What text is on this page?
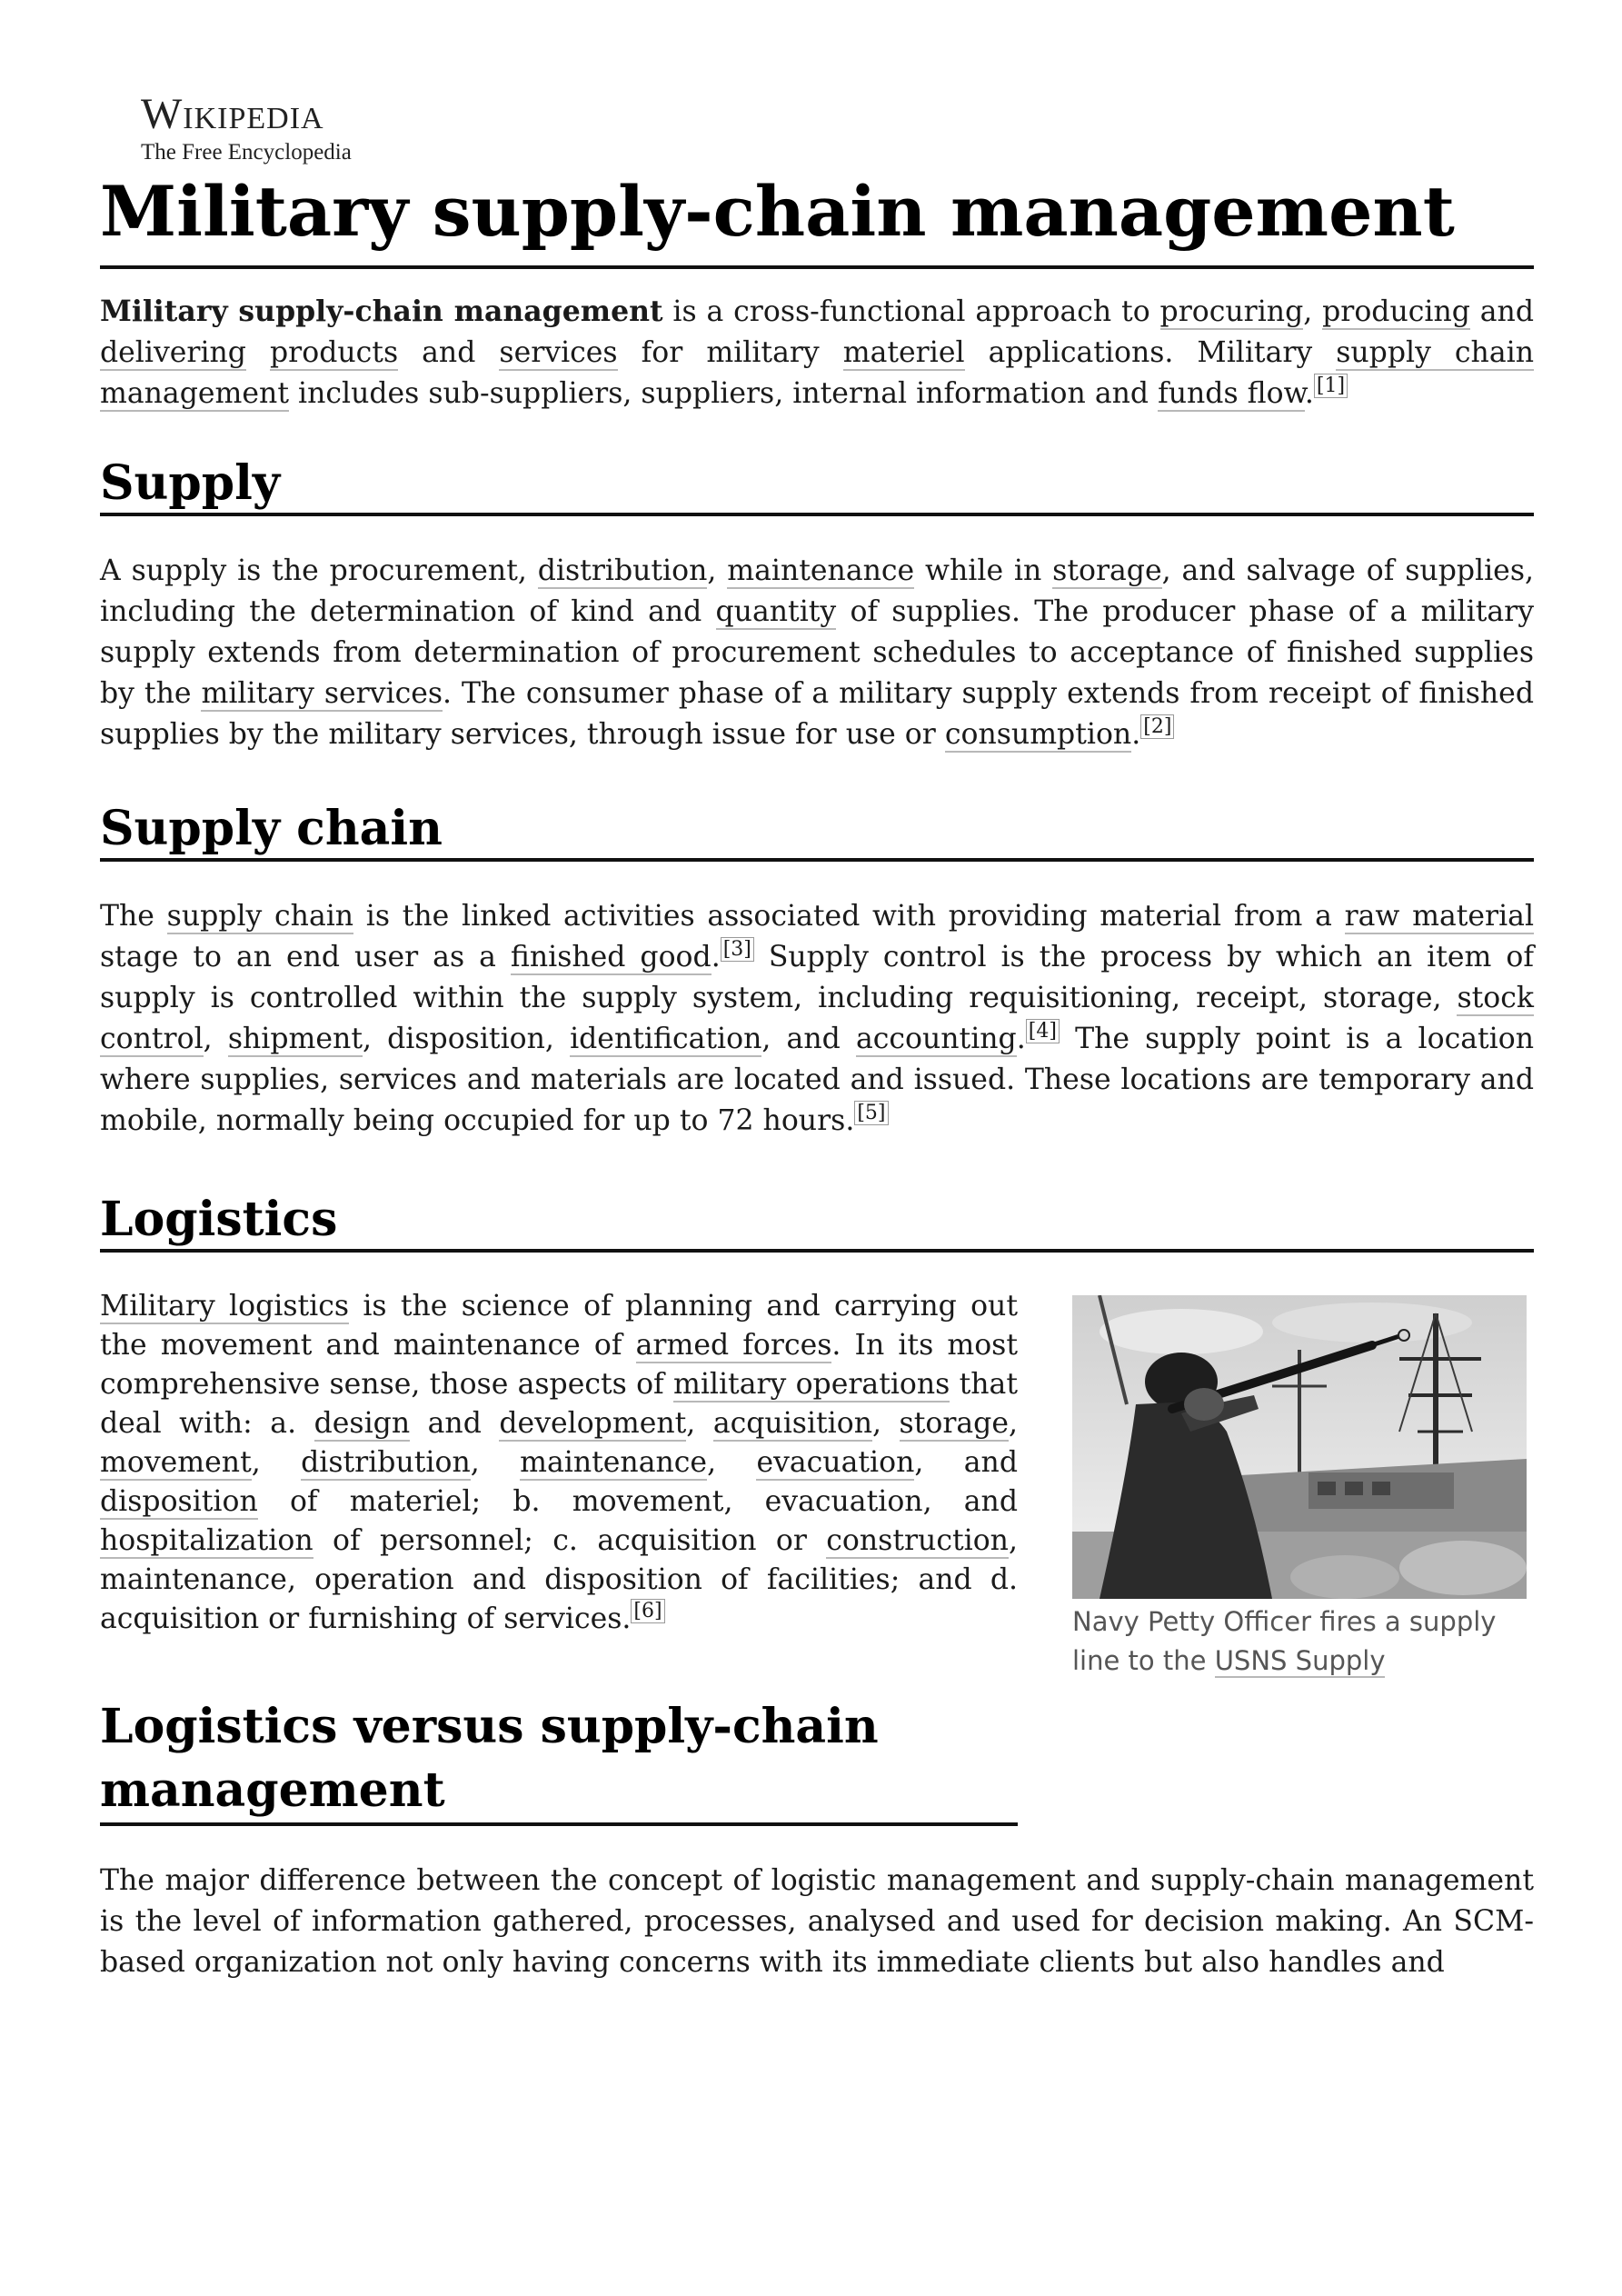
Wikipedia
The Free Encyclopedia
Military supply-chain management

Military supply-chain management is a cross-functional approach to procuring, producing and delivering products and services for military materiel applications. Military supply chain management includes sub-suppliers, suppliers, internal information and funds flow. [1]

Supply

A supply is the procurement, distribution, maintenance while in storage, and salvage of supplies, including the determination of kind and quantity of supplies. The producer phase of a military supply extends from determination of procurement schedules to acceptance of finished supplies by the military services. The consumer phase of a military supply extends from receipt of finished supplies by the military services, through issue for use or consumption. [2]

Supply chain

The supply chain is the linked activities associated with providing material from a raw material stage to an end user as a finished good. [3] Supply control is the process by which an item of supply is controlled within the supply system, including requisitioning, receipt, storage, stock control, shipment, disposition, identification, and accounting. [4] The supply point is a location where supplies, services and materials are located and issued. These locations are temporary and mobile, normally being occupied for up to 72 hours. [5]

Logistics

Military logistics is the science of planning and carrying out the movement and maintenance of armed forces. In its most comprehensive sense, those aspects of military operations that deal with: a. design and development, acquisition, storage, movement, distribution, maintenance, evacuation, and disposition of materiel; b. movement, evacuation, and hospitalization of personnel; c. acquisition or construction, maintenance, operation and disposition of facilities; and d. acquisition or furnishing of services. [6]	Navy Petty Officer fires a supply line to the USNS Supply
Logistics versus supply-chain management

The major difference between the concept of logistic management and supply-chain management is the level of information gathered, processes, analysed and used for decision making. An SCM-based organization not only having concerns with its immediate clients but also handles and
